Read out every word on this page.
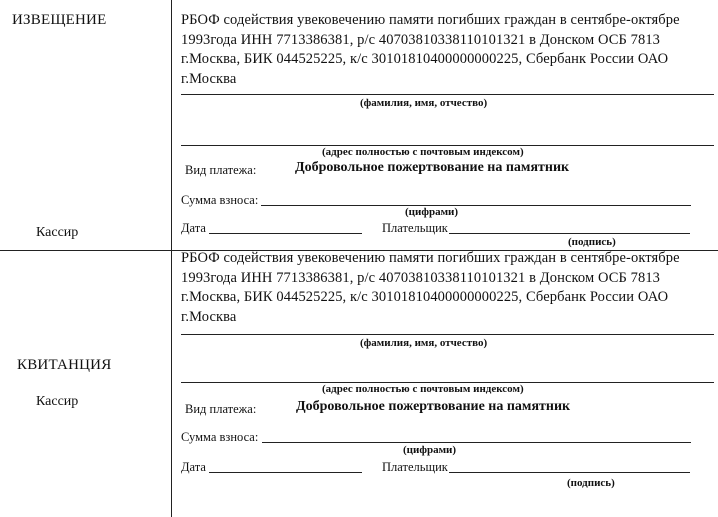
ИЗВЕЩЕНИЕ
Кассир
РБОФ содействия увековечению памяти погибших граждан в сентябре-октябре
1993года ИНН 7713386381, р/с 40703810338110101321 в Донском ОСБ 7813
г.Москва, БИК 044525225, к/с 30101810400000000225, Сбербанк России ОАО
г.Москва
(фамилия, имя, отчество)
(адрес полностью с почтовым индексом)
Вид платежа:	Добровольное пожертвование на памятник
Сумма взноса:
(цифрами)
Дата	Плательщик
(подпись)
КВИТАНЦИЯ
Кассир
РБОФ содействия увековечению памяти погибших граждан в сентябре-октябре
1993года ИНН 7713386381, р/с 40703810338110101321 в Донском ОСБ 7813
г.Москва, БИК 044525225, к/с 30101810400000000225, Сбербанк России ОАО
г.Москва
(фамилия, имя, отчество)
(адрес полностью с почтовым индексом)
Вид платежа:	Добровольное пожертвование на памятник
Сумма взноса:
(цифрами)
Дата	Плательщик
(подпись)
